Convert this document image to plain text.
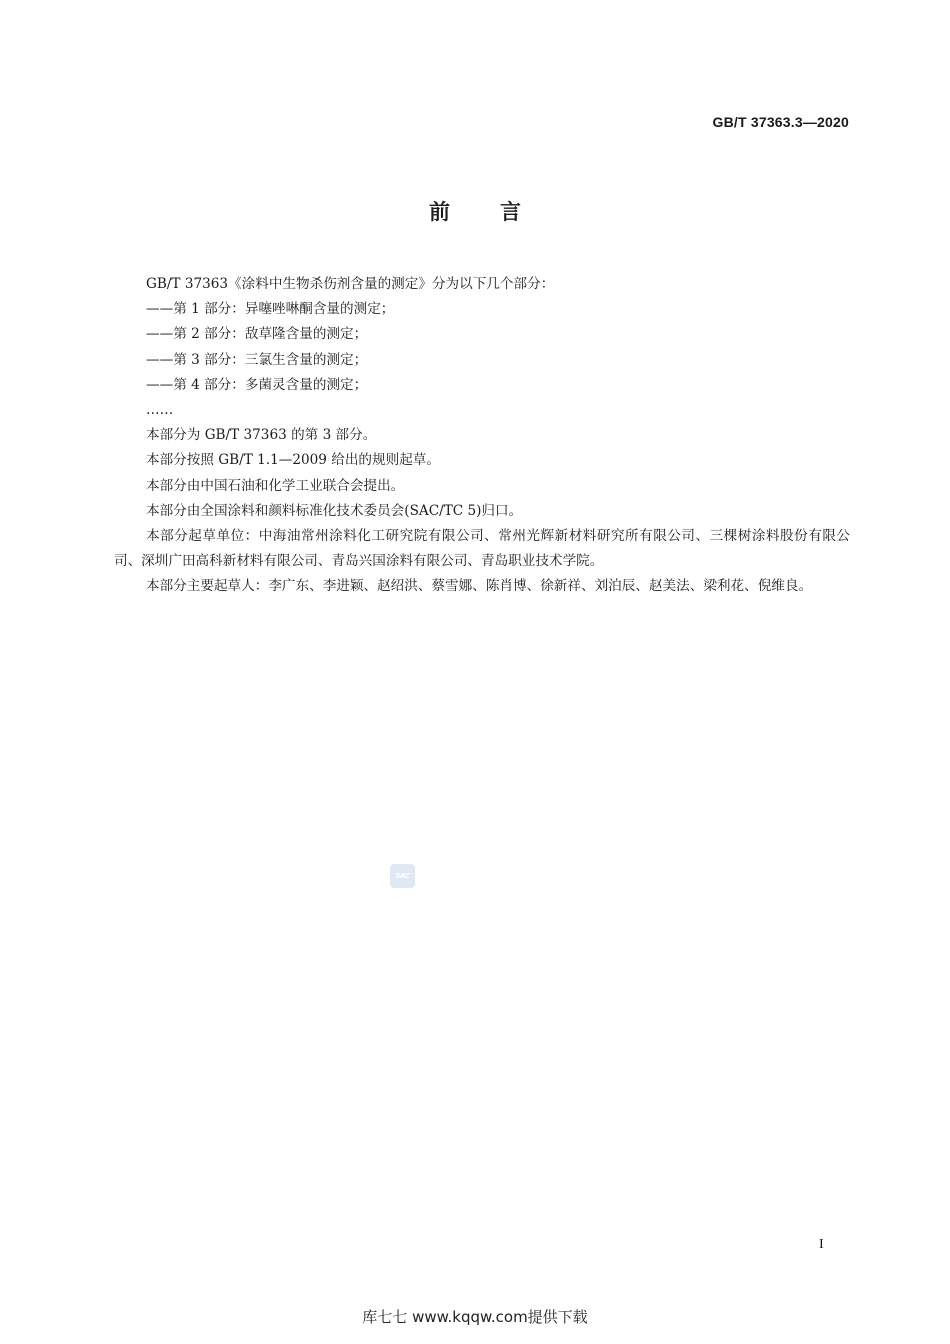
GB/T 37363.3—2020
前 言

GB/T 37363《涂料中生物杀伤剂含量的测定》分为以下几个部分：

——第 1 部分：异噻唑啉酮含量的测定；

——第 2 部分：敌草隆含量的测定；

——第 3 部分：三氯生含量的测定；

——第 4 部分：多菌灵含量的测定；

……

本部分为 GB/T 37363 的第 3 部分。

本部分按照 GB/T 1.1—2009 给出的规则起草。

本部分由中国石油和化学工业联合会提出。

本部分由全国涂料和颜料标准化技术委员会(SAC/TC 5)归口。

本部分起草单位：中海油常州涂料化工研究院有限公司、常州光辉新材料研究所有限公司、三棵树涂料股份有限公司、深圳广田高科新材料有限公司、青岛兴国涂料有限公司、青岛职业技术学院。

本部分主要起草人：李广东、李进颖、赵绍洪、蔡雪娜、陈肖博、徐新祥、刘泊辰、赵美法、梁利花、倪维良。

SAC
I
库七七 www.kqqw.com提供下载
